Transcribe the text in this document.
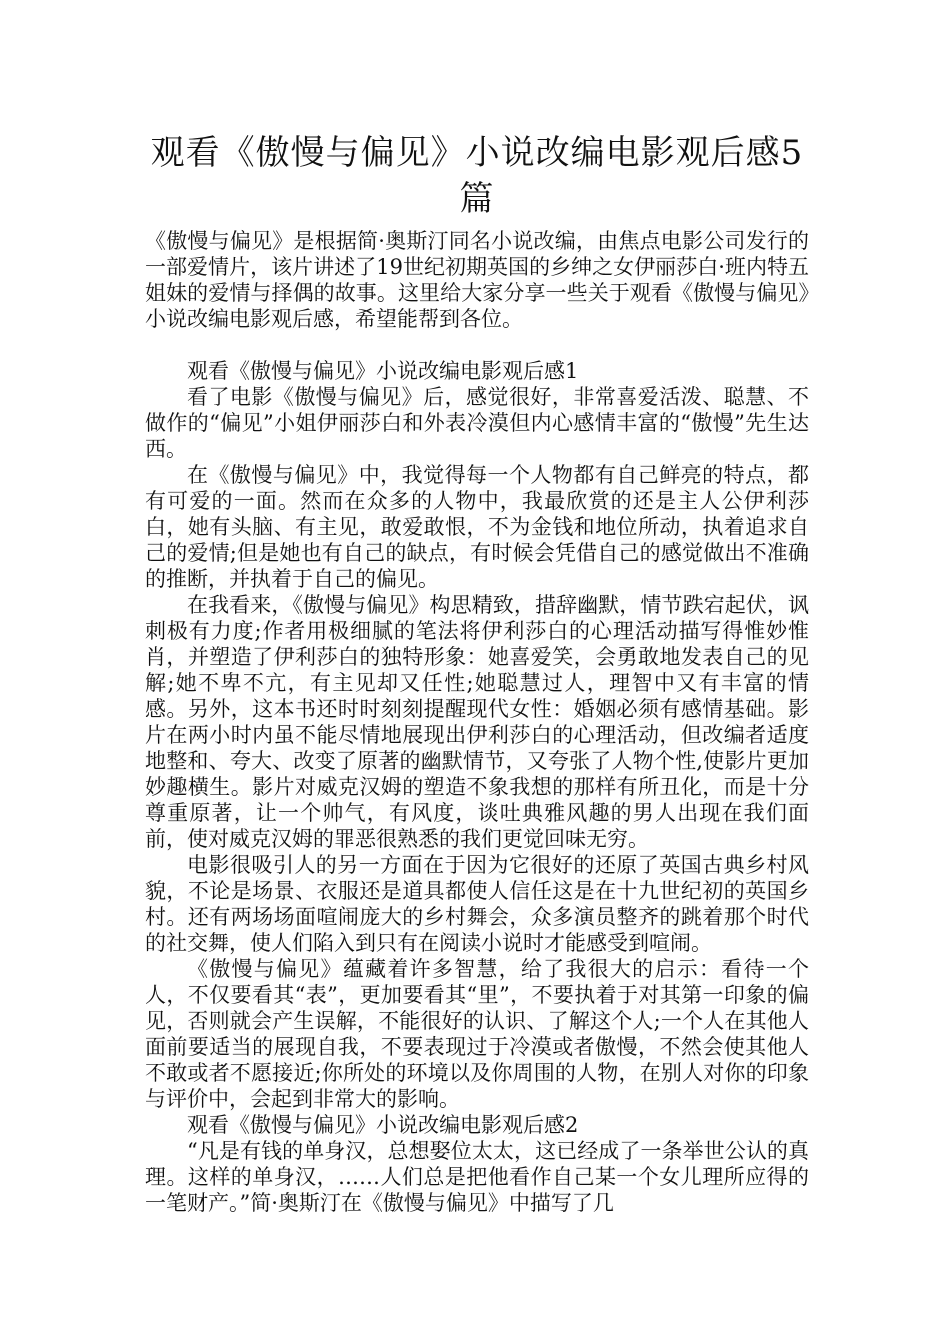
观看《傲慢与偏见》小说改编电影观后感5篇

《傲慢与偏见》是根据简·奥斯汀同名小说改编，由焦点电影公司发行的一部爱情片，该片讲述了19世纪初期英国的乡绅之女伊丽莎白·班内特五姐妹的爱情与择偶的故事。这里给大家分享一些关于观看《傲慢与偏见》小说改编电影观后感，希望能帮到各位。

观看《傲慢与偏见》小说改编电影观后感1

看了电影《傲慢与偏见》后，感觉很好，非常喜爱活泼、聪慧、不做作的“偏见”小姐伊丽莎白和外表冷漠但内心感情丰富的“傲慢”先生达西。

在《傲慢与偏见》中，我觉得每一个人物都有自己鲜亮的特点，都有可爱的一面。然而在众多的人物中，我最欣赏的还是主人公伊利莎白，她有头脑、有主见，敢爱敢恨，不为金钱和地位所动，执着追求自己的爱情;但是她也有自己的缺点，有时候会凭借自己的感觉做出不准确的推断，并执着于自己的偏见。

在我看来，《傲慢与偏见》构思精致，措辞幽默，情节跌宕起伏，讽刺极有力度;作者用极细腻的笔法将伊利莎白的心理活动描写得惟妙惟肖，并塑造了伊利莎白的独特形象：她喜爱笑，会勇敢地发表自己的见解;她不卑不亢，有主见却又任性;她聪慧过人，理智中又有丰富的情感。另外，这本书还时时刻刻提醒现代女性：婚姻必须有感情基础。影片在两小时内虽不能尽情地展现出伊利莎白的心理活动，但改编者适度地整和、夸大、改变了原著的幽默情节，又夸张了人物个性,使影片更加妙趣横生。影片对威克汉姆的塑造不象我想的那样有所丑化，而是十分尊重原著，让一个帅气，有风度，谈吐典雅风趣的男人出现在我们面前，使对威克汉姆的罪恶很熟悉的我们更觉回味无穷。

电影很吸引人的另一方面在于因为它很好的还原了英国古典乡村风貌，不论是场景、衣服还是道具都使人信任这是在十九世纪初的英国乡村。还有两场场面喧闹庞大的乡村舞会，众多演员整齐的跳着那个时代的社交舞，使人们陷入到只有在阅读小说时才能感受到喧闹。

《傲慢与偏见》蕴藏着许多智慧，给了我很大的启示：看待一个人，不仅要看其“表”，更加要看其“里”，不要执着于对其第一印象的偏见，否则就会产生误解，不能很好的认识、了解这个人;一个人在其他人面前要适当的展现自我，不要表现过于冷漠或者傲慢，不然会使其他人不敢或者不愿接近;你所处的环境以及你周围的人物，在别人对你的印象与评价中，会起到非常大的影响。

观看《傲慢与偏见》小说改编电影观后感2

“凡是有钱的单身汉，总想娶位太太，这已经成了一条举世公认的真理。这样的单身汉，……人们总是把他看作自己某一个女儿理所应得的一笔财产。”简·奥斯汀在《傲慢与偏见》中描写了几
